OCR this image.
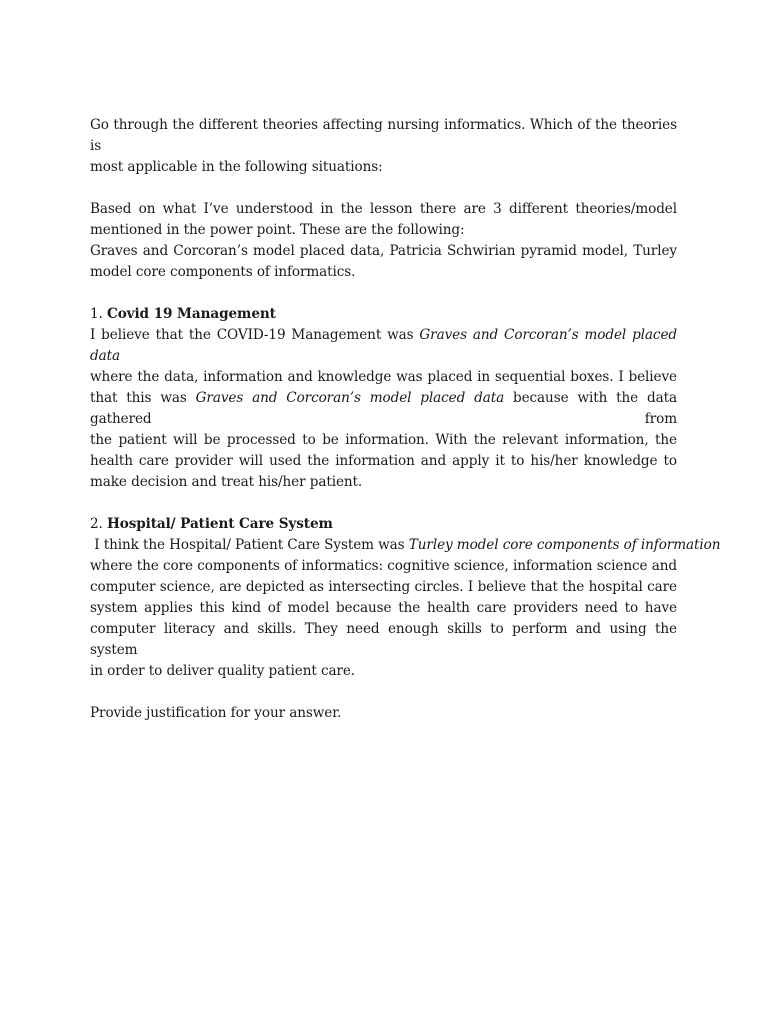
Go through the different theories affecting nursing informatics. Which of the theories is
most applicable in the following situations:
Based on what I’ve understood in the lesson there are 3 different theories/model
mentioned in the power point. These are the following:
Graves and Corcoran’s model placed data, Patricia Schwirian pyramid model, Turley
model core components of informatics.
1. Covid 19 Management
I believe that the COVID-19 Management was Graves and Corcoran’s model placed data
where the data, information and knowledge was placed in sequential boxes. I believe
that this was Graves and Corcoran’s model placed data because with the data gathered from
the patient will be processed to be information. With the relevant information, the
health care provider will used the information and apply it to his/her knowledge to
make decision and treat his/her patient.
2. Hospital/ Patient Care System
I think the Hospital/ Patient Care System was Turley model core components of information
where the core components of informatics: cognitive science, information science and
computer science, are depicted as intersecting circles. I believe that the hospital care
system applies this kind of model because the health care providers need to have
computer literacy and skills. They need enough skills to perform and using the system
in order to deliver quality patient care.
Provide justification for your answer.
